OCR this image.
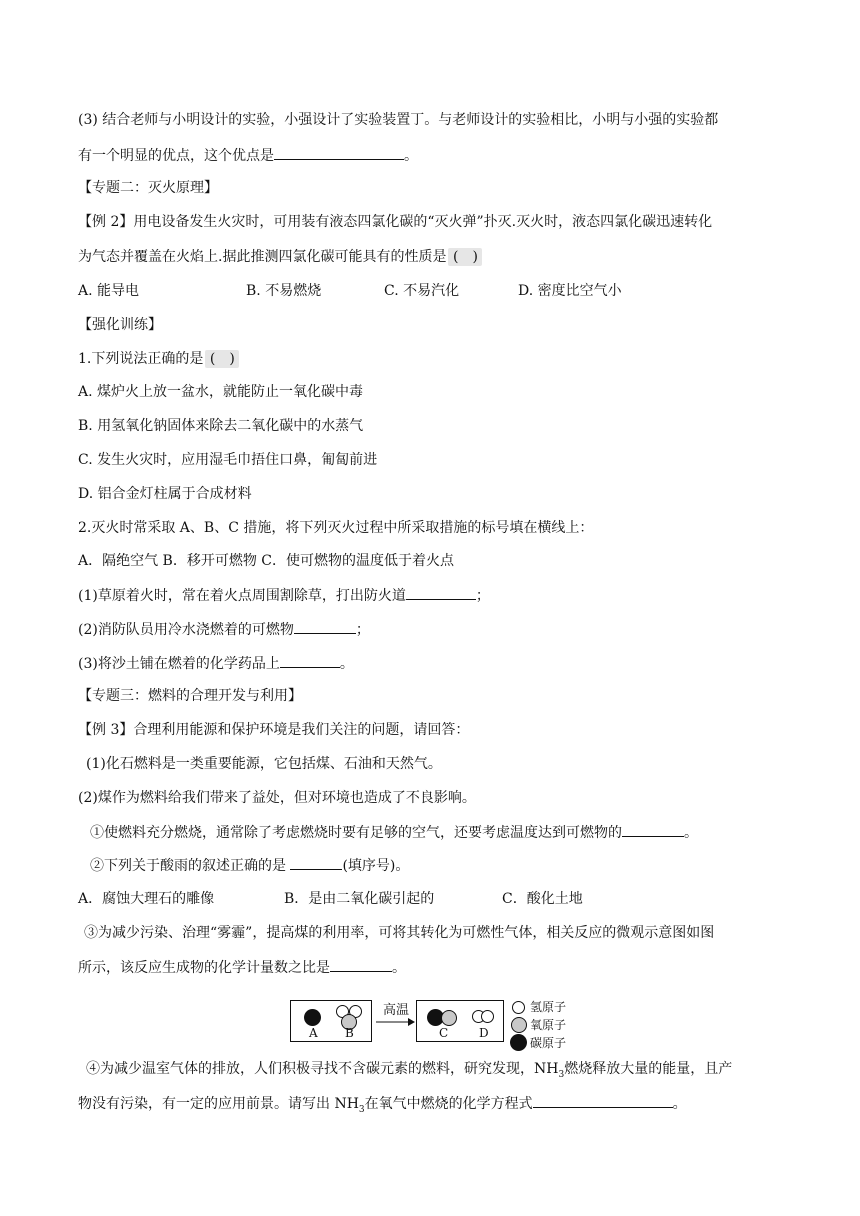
(3) 结合老师与小明设计的实验，小强设计了实验装置丁。与老师设计的实验相比，小明与小强的实验都
有一个明显的优点，这个优点是	。
【专题二：灭火原理】
【例 2】用电设备发生火灾时，可用装有液态四氯化碳的“灭火弹”扑灭.灭火时，液态四氯化碳迅速转化
为气态并覆盖在火焰上.据此推测四氯化碳可能具有的性质是 (　)
A. 能导电	B. 不易燃烧	C. 不易汽化	D. 密度比空气小
【强化训练】
1.下列说法正确的是 (　)
A. 煤炉火上放一盆水，就能防止一氧化碳中毒
B. 用氢氧化钠固体来除去二氧化碳中的水蒸气
C. 发生火灾时，应用湿毛巾捂住口鼻，匍匐前进
D. 铝合金灯柱属于合成材料
2.灭火时常采取 A、B、C 措施，将下列灭火过程中所采取措施的标号填在横线上：
A．隔绝空气 B．移开可燃物 C．使可燃物的温度低于着火点
(1)草原着火时，常在着火点周围割除草，打出防火道	；
(2)消防队员用冷水浇燃着的可燃物	；
(3)将沙土铺在燃着的化学药品上	。
【专题三：燃料的合理开发与利用】
【例 3】合理利用能源和保护环境是我们关注的问题，请回答：
(1)化石燃料是一类重要能源，它包括煤、石油和天然气。
(2)煤作为燃料给我们带来了益处，但对环境也造成了不良影响。
①使燃料充分燃烧，通常除了考虑燃烧时要有足够的空气，还要考虑温度达到可燃物的	。
②下列关于酸雨的叙述正确的是	(填序号)。
A．腐蚀大理石的雕像	B．是由二氧化碳引起的	C．酸化土地
③为减少污染、治理“雾霾”，提高煤的利用率，可将其转化为可燃性气体，相关反应的微观示意图如图
所示，该反应生成物的化学计量数之比是	。
A B
高温
C	D
氢原子
氧原子
碳原子
④为减少温室气体的排放，人们积极寻找不含碳元素的燃料，研究发现，$NH_3$燃烧释放大量的能量，且产
物没有污染，有一定的应用前景。请写出 $NH_3$在氧气中燃烧的化学方程式	。
